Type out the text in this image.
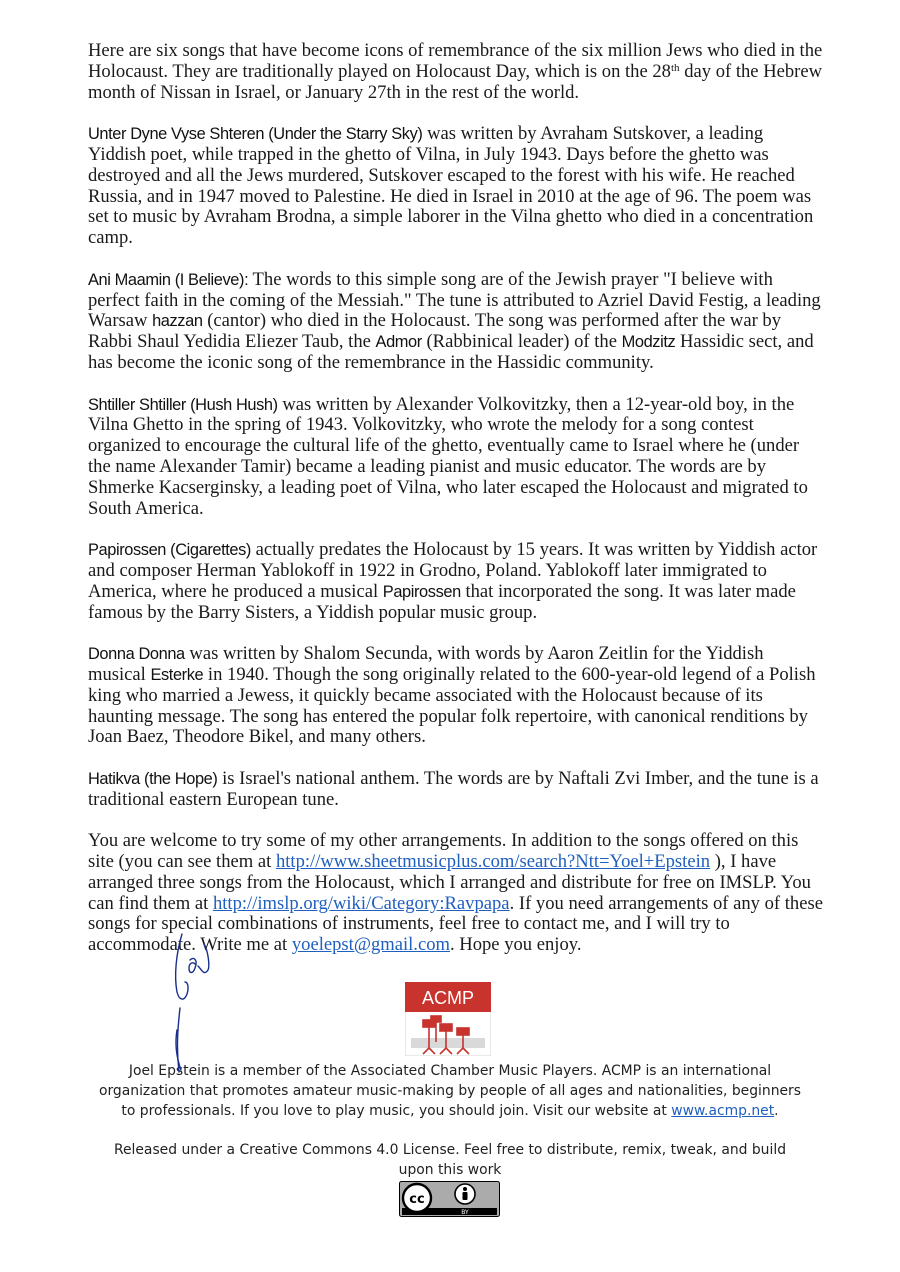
Here are six songs that have become icons of remembrance of the six million Jews who died in the Holocaust. They are traditionally played on Holocaust Day, which is on the 28th day of the Hebrew month of Nissan in Israel, or January 27th in the rest of the world.

Unter Dyne Vyse Shteren (Under the Starry Sky) was written by Avraham Sutskover, a leading Yiddish poet, while trapped in the ghetto of Vilna, in July 1943. Days before the ghetto was destroyed and all the Jews murdered, Sutskover escaped to the forest with his wife. He reached Russia, and in 1947 moved to Palestine. He died in Israel in 2010 at the age of 96. The poem was set to music by Avraham Brodna, a simple laborer in the Vilna ghetto who died in a concentration camp.

Ani Maamin (I Believe): The words to this simple song are of the Jewish prayer "I believe with perfect faith in the coming of the Messiah." The tune is attributed to Azriel David Festig, a leading Warsaw hazzan (cantor) who died in the Holocaust. The song was performed after the war by Rabbi Shaul Yedidia Eliezer Taub, the Admor (Rabbinical leader) of the Modzitz Hassidic sect, and has become the iconic song of the remembrance in the Hassidic community.

Shtiller Shtiller (Hush Hush) was written by Alexander Volkovitzky, then a 12-year-old boy, in the Vilna Ghetto in the spring of 1943. Volkovitzky, who wrote the melody for a song contest organized to encourage the cultural life of the ghetto, eventually came to Israel where he (under the name Alexander Tamir) became a leading pianist and music educator. The words are by Shmerke Kacserginsky, a leading poet of Vilna, who later escaped the Holocaust and migrated to South America.

Papirossen (Cigarettes) actually predates the Holocaust by 15 years. It was written by Yiddish actor and composer Herman Yablokoff in 1922 in Grodno, Poland. Yablokoff later immigrated to America, where he produced a musical Papirossen that incorporated the song. It was later made famous by the Barry Sisters, a Yiddish popular music group.

Donna Donna was written by Shalom Secunda, with words by Aaron Zeitlin for the Yiddish musical Esterke in 1940. Though the song originally related to the 600-year-old legend of a Polish king who married a Jewess, it quickly became associated with the Holocaust because of its haunting message. The song has entered the popular folk repertoire, with canonical renditions by Joan Baez, Theodore Bikel, and many others.

Hatikva (the Hope) is Israel's national anthem. The words are by Naftali Zvi Imber, and the tune is a traditional eastern European tune.

You are welcome to try some of my other arrangements. In addition to the songs offered on this site (you can see them at http://www.sheetmusicplus.com/search?Ntt=Yoel+Epstein ), I have arranged three songs from the Holocaust, which I arranged and distribute for free on IMSLP. You can find them at http://imslp.org/wiki/Category:Ravpapa. If you need arrangements of any of these songs for special combinations of instruments, feel free to contact me, and I will try to accommodate. Write me at yoelepst@gmail.com. Hope you enjoy.

ACMP
Joel Epstein is a member of the Associated Chamber Music Players. ACMP is an international organization that promotes amateur music-making by people of all ages and nationalities, beginners to professionals. If you love to play music, you should join. Visit our website at www.acmp.net.
Released under a Creative Commons 4.0 License. Feel free to distribute, remix, tweak, and build upon this work
cc
BY
